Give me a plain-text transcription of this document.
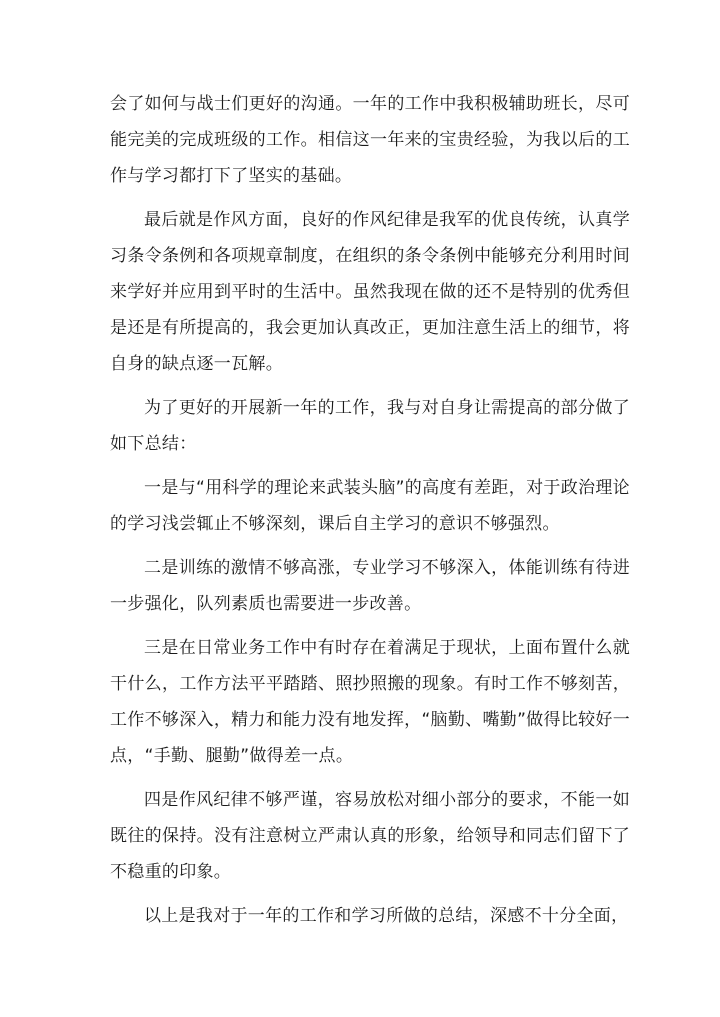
会了如何与战士们更好的沟通。一年的工作中我积极辅助班长，尽可能完美的完成班级的工作。相信这一年来的宝贵经验，为我以后的工作与学习都打下了坚实的基础。

最后就是作风方面，良好的作风纪律是我军的优良传统，认真学习条令条例和各项规章制度，在组织的条令条例中能够充分利用时间来学好并应用到平时的生活中。虽然我现在做的还不是特别的优秀但是还是有所提高的，我会更加认真改正，更加注意生活上的细节，将自身的缺点逐一瓦解。

为了更好的开展新一年的工作，我与对自身让需提高的部分做了如下总结：

一是与“用科学的理论来武装头脑”的高度有差距，对于政治理论的学习浅尝辄止不够深刻，课后自主学习的意识不够强烈。

二是训练的激情不够高涨，专业学习不够深入，体能训练有待进一步强化，队列素质也需要进一步改善。

三是在日常业务工作中有时存在着满足于现状，上面布置什么就干什么，工作方法平平踏踏、照抄照搬的现象。有时工作不够刻苦，工作不够深入，精力和能力没有地发挥，“脑勤、嘴勤”做得比较好一点，“手勤、腿勤”做得差一点。

四是作风纪律不够严谨，容易放松对细小部分的要求，不能一如既往的保持。没有注意树立严肃认真的形象，给领导和同志们留下了不稳重的印象。

以上是我对于一年的工作和学习所做的总结，深感不十分全面，
